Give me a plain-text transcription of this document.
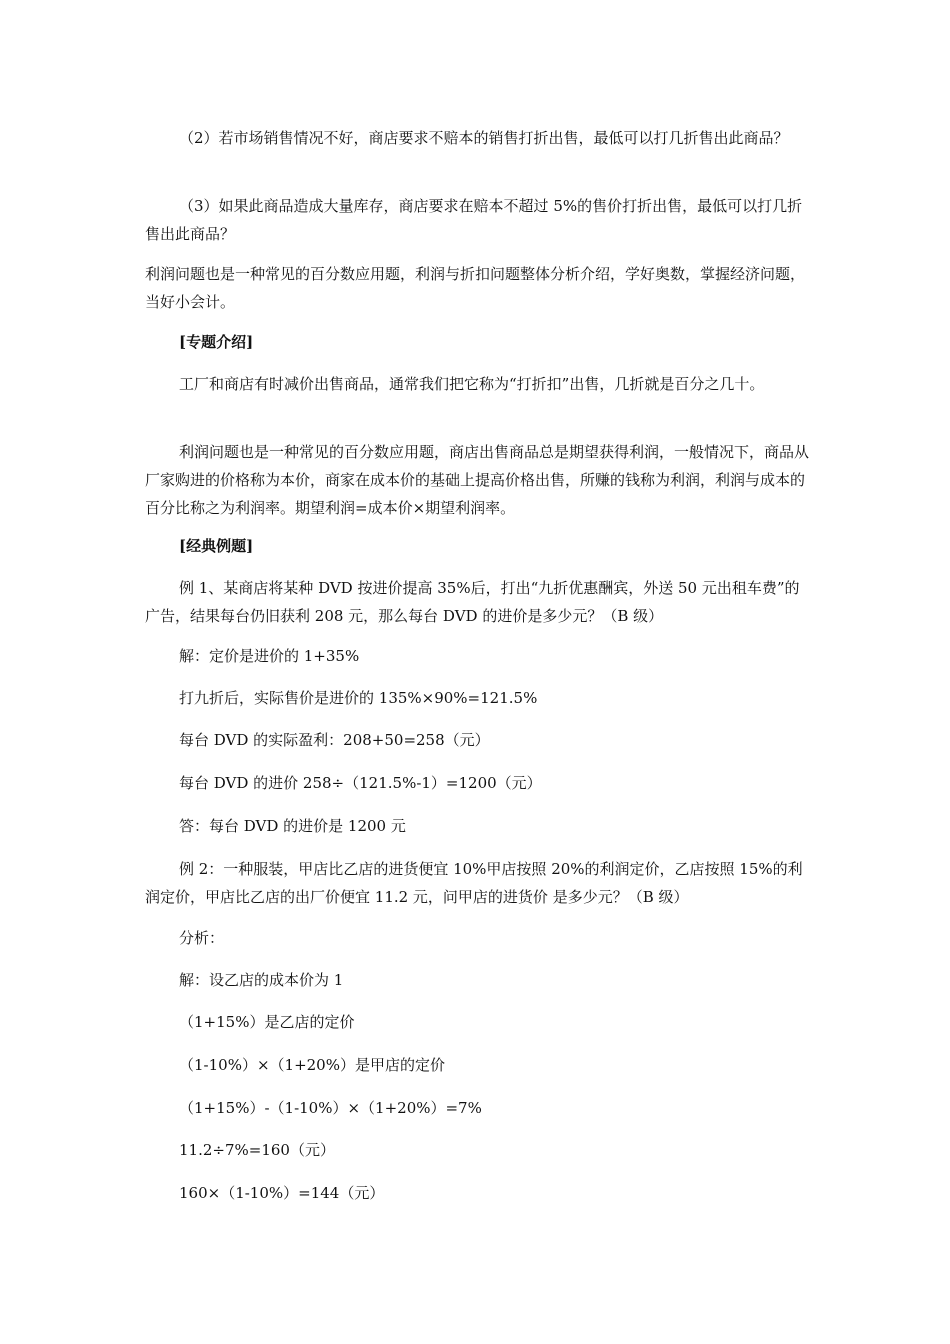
（2）若市场销售情况不好，商店要求不赔本的销售打折出售，最低可以打几折售出此商品？

（3）如果此商品造成大量库存，商店要求在赔本不超过 5%的售价打折出售，最低可以打几折售出此商品？

利润问题也是一种常见的百分数应用题，利润与折扣问题整体分析介绍，学好奥数，掌握经济问题，当好小会计。

[专题介绍]

工厂和商店有时减价出售商品，通常我们把它称为“打折扣”出售，几折就是百分之几十。

利润问题也是一种常见的百分数应用题，商店出售商品总是期望获得利润，一般情况下，商品从厂家购进的价格称为本价，商家在成本价的基础上提高价格出售，所赚的钱称为利润，利润与成本的百分比称之为利润率。期望利润=成本价×期望利润率。

[经典例题]

例 1、某商店将某种 DVD 按进价提高 35%后，打出“九折优惠酬宾，外送 50 元出租车费”的广告，结果每台仍旧获利 208 元，那么每台 DVD 的进价是多少元？（B 级）

解：定价是进价的 1+35%

打九折后，实际售价是进价的 135%×90%=121.5%

每台 DVD 的实际盈利：208+50=258（元）

每台 DVD 的进价 258÷（121.5%-1）=1200（元）

答：每台 DVD 的进价是 1200 元

例 2：一种服装，甲店比乙店的进货便宜 10%甲店按照 20%的利润定价，乙店按照 15%的利润定价，甲店比乙店的出厂价便宜 11.2 元，问甲店的进货价 是多少元？（B 级）

分析：

解：设乙店的成本价为 1

（1+15%）是乙店的定价

（1-10%）×（1+20%）是甲店的定价

（1+15%）-（1-10%）×（1+20%）=7%

11.2÷7%=160（元）

160×（1-10%）=144（元）
